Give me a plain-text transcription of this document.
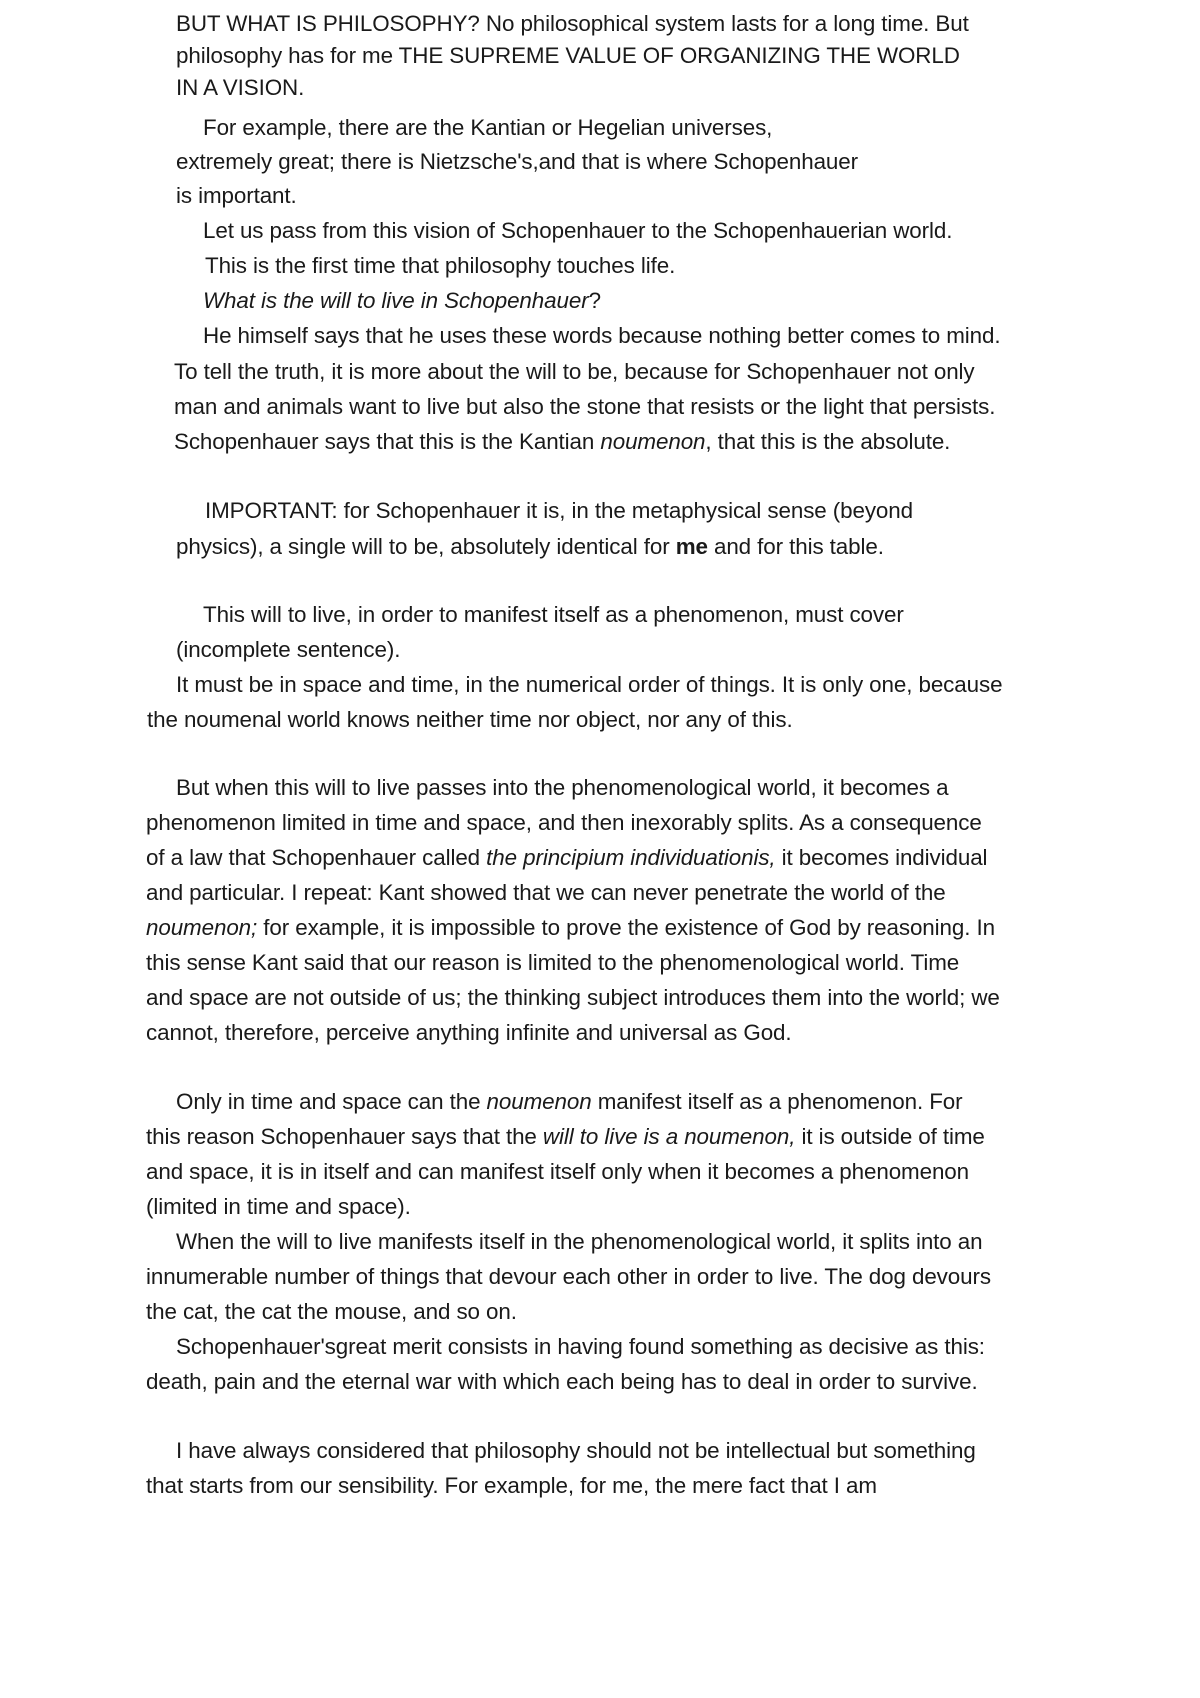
BUT WHAT IS PHILOSOPHY? No philosophical system lasts for a long time. But

philosophy has for me THE SUPREME VALUE OF ORGANIZING THE WORLD

IN A VISION.

For example, there are the Kantian or Hegelian universes,

extremely great; there is Nietzsche's,and that is where Schopenhauer

is important.

Let us pass from this vision of Schopenhauer to the Schopenhauerian world.

This is the first time that philosophy touches life.

What is the will to live in Schopenhauer?

He himself says that he uses these words because nothing better comes to mind.

To tell the truth, it is more about the will to be, because for Schopenhauer not only

man and animals want to live but also the stone that resists or the light that persists.

Schopenhauer says that this is the Kantian noumenon, that this is the absolute.

IMPORTANT: for Schopenhauer it is, in the metaphysical sense (beyond

physics), a single will to be, absolutely identical for me and for this table.

This will to live, in order to manifest itself as a phenomenon, must cover

(incomplete sentence).

It must be in space and time, in the numerical order of things. It is only one, because

the noumenal world knows neither time nor object, nor any of this.

But when this will to live passes into the phenomenological world, it becomes a

phenomenon limited in time and space, and then inexorably splits. As a consequence

of a law that Schopenhauer called the principium individuationis, it becomes individual

and particular. I repeat: Kant showed that we can never penetrate the world of the

noumenon; for example, it is impossible to prove the existence of God by reasoning. In

this sense Kant said that our reason is limited to the phenomenological world. Time

and space are not outside of us; the thinking subject introduces them into the world; we

cannot, therefore, perceive anything infinite and universal as God.

Only in time and space can the noumenon manifest itself as a phenomenon. For

this reason Schopenhauer says that the will to live is a noumenon, it is outside of time

and space, it is in itself and can manifest itself only when it becomes a phenomenon

(limited in time and space).

When the will to live manifests itself in the phenomenological world, it splits into an

innumerable number of things that devour each other in order to live. The dog devours

the cat, the cat the mouse, and so on.

Schopenhauer'sgreat merit consists in having found something as decisive as this:

death, pain and the eternal war with which each being has to deal in order to survive.

I have always considered that philosophy should not be intellectual but something

that starts from our sensibility. For example, for me, the mere fact that I am
